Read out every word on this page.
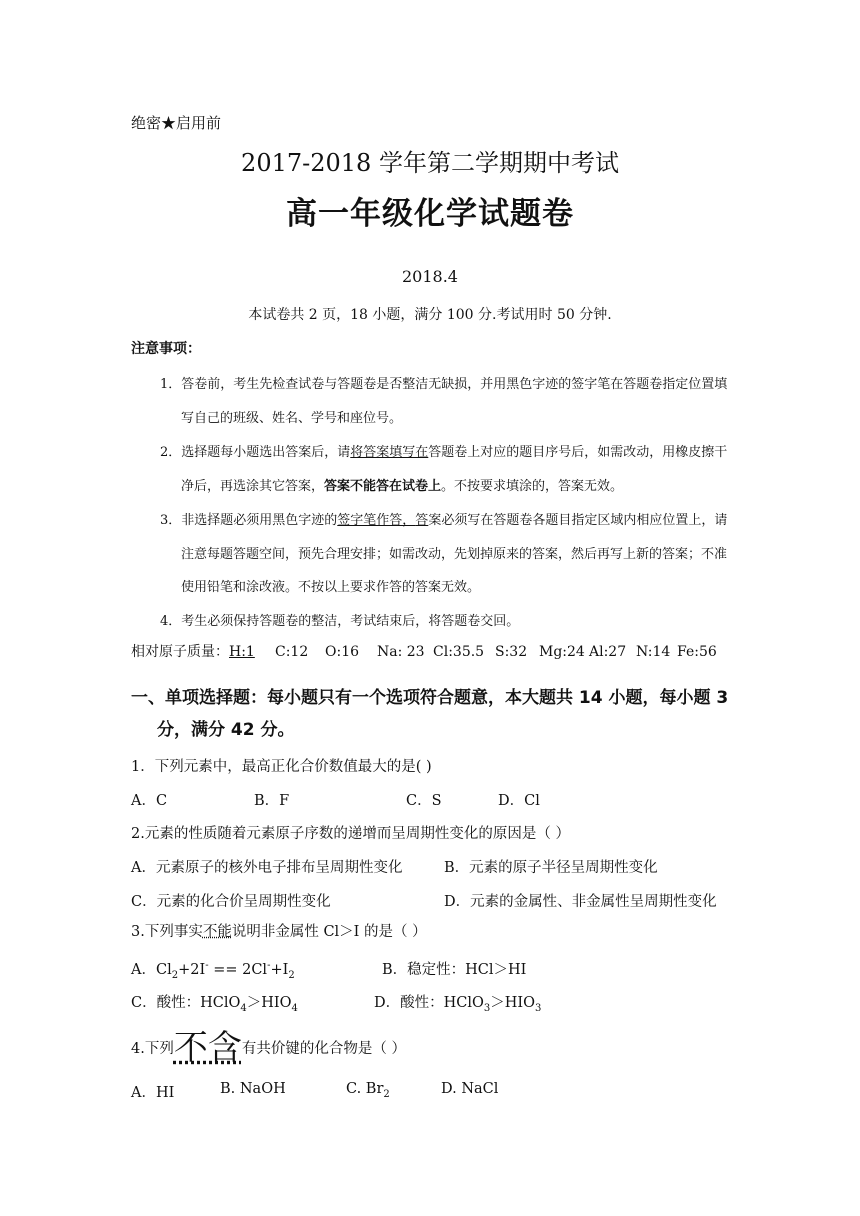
绝密★启用前
2017-2018 学年第二学期期中考试
高一年级化学试题卷
2018.4
本试卷共 2 页，18 小题，满分 100 分.考试用时 50 分钟.
注意事项：
1．答卷前，考生先检查试卷与答题卷是否整洁无缺损，并用黑色字迹的签字笔在答题卷指定位置填
写自己的班级、姓名、学号和座位号。
2．选择题每小题选出答案后，请将答案填写在答题卷上对应的题目序号后，如需改动，用橡皮擦干
净后，再选涂其它答案，答案不能答在试卷上。不按要求填涂的，答案无效。
3．非选择题必须用黑色字迹的签字笔作答，答案必须写在答题卷各题目指定区域内相应位置上，请
注意每题答题空间，预先合理安排；如需改动，先划掉原来的答案，然后再写上新的答案；不准
使用铅笔和涂改液。不按以上要求作答的答案无效。
4．考生必须保持答题卷的整洁，考试结束后，将答题卷交回。
相对原子质量：H:1 C:12 O:16 Na: 23 Cl:35.5 S:32 Mg:24 Al:27 N:14 Fe:56
一、单项选择题：每小题只有一个选项符合题意，本大题共 14 小题，每小题 3
分，满分 42 分。
1．下列元素中，最高正化合价数值最大的是( )
A．C	B．F	C．S	D．Cl
2.元素的性质随着元素原子序数的递增而呈周期性变化的原因是（ ）
A．元素原子的核外电子排布呈周期性变化	B．元素的原子半径呈周期性变化
C．元素的化合价呈周期性变化	D．元素的金属性、非金属性呈周期性变化
3.下列事实不能说明非金属性 Cl＞I 的是（ ）
A．$Cl_2+2I^- == 2Cl^-+I_2$	B．稳定性：HCl＞HI
C．酸性：$HClO_4>HIO_4$	D．酸性：$HClO_3>HIO_3$
4.下列不含有共价键的化合物是（ ）
A．HI	B. NaOH	C. $Br_2$	D. NaCl
